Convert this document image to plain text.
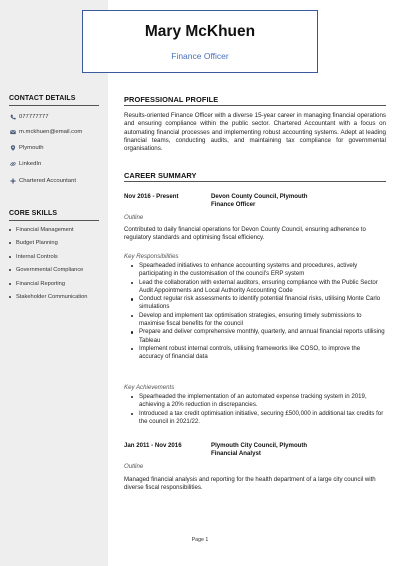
Mary McKhuen
Finance Officer
CONTACT DETAILS
077777777
m.mckhuen@email.com
Plymouth
LinkedIn
Chartered Accountant
CORE SKILLS
Financial Management
Budget Planning
Internal Controls
Governmental Compliance
Financial Reporting
Stakeholder Communication
PROFESSIONAL PROFILE
Results-oriented Finance Officer with a diverse 15-year career in managing financial operations and ensuring compliance within the public sector. Chartered Accountant with a focus on automating financial processes and implementing robust accounting systems. Adept at leading financial teams, conducting audits, and maintaining tax compliance for governmental organisations.
CAREER SUMMARY
Nov 2016 - Present	Devon County Council, Plymouth
Finance Officer
Outline
Contributed to daily financial operations for Devon County Council, ensuring adherence to regulatory standards and optimising fiscal efficiency.
Key Responsibilities
Spearheaded initiatives to enhance accounting systems and procedures, actively participating in the customisation of the council's ERP system
Lead the collaboration with external auditors, ensuring compliance with the Public Sector Audit Appointments and Local Authority Accounting Code
Conduct regular risk assessments to identify potential financial risks, utilising Monte Carlo simulations
Develop and implement tax optimisation strategies, ensuring timely submissions to maximise fiscal benefits for the council
Prepare and deliver comprehensive monthly, quarterly, and annual financial reports utilising Tableau
Implement robust internal controls, utilising frameworks like COSO, to improve the accuracy of financial data
Key Achievements
Spearheaded the implementation of an automated expense tracking system in 2019, achieving a 20% reduction in discrepancies.
Introduced a tax credit optimisation initiative, securing £500,000 in additional tax credits for the council in 2021/22.
Jan 2011 - Nov 2016	Plymouth City Council, Plymouth
Financial Analyst
Outline
Managed financial analysis and reporting for the health department of a large city council with diverse fiscal responsibilities.
Page 1
